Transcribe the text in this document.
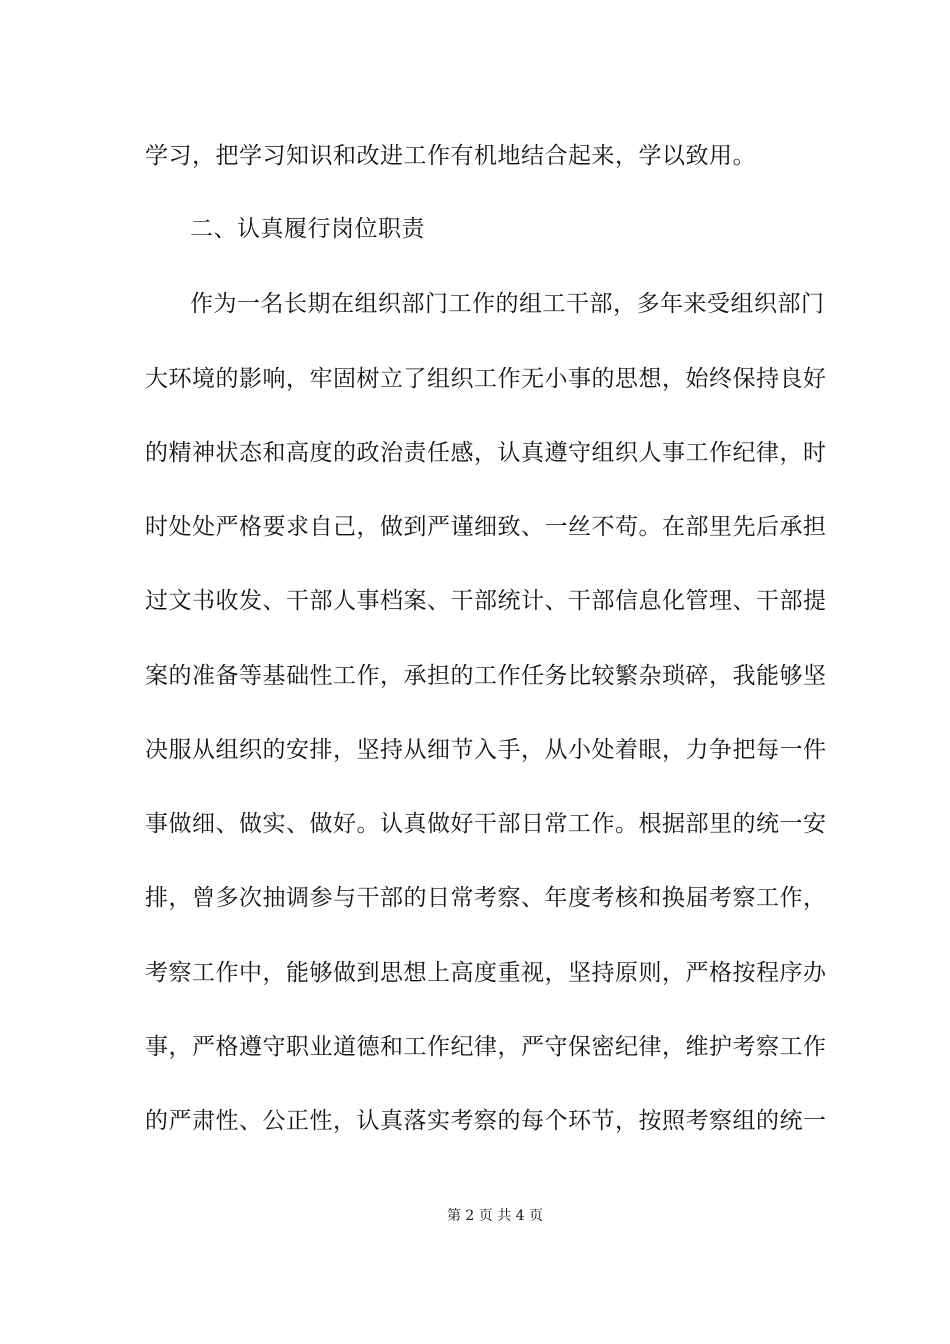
学习，把学习知识和改进工作有机地结合起来，学以致用。
二、认真履行岗位职责
作为一名长期在组织部门工作的组工干部，多年来受组织部门
大环境的影响，牢固树立了组织工作无小事的思想，始终保持良好
的精神状态和高度的政治责任感，认真遵守组织人事工作纪律，时
时处处严格要求自己，做到严谨细致、一丝不苟。在部里先后承担
过文书收发、干部人事档案、干部统计、干部信息化管理、干部提
案的准备等基础性工作，承担的工作任务比较繁杂琐碎，我能够坚
决服从组织的安排，坚持从细节入手，从小处着眼，力争把每一件
事做细、做实、做好。认真做好干部日常工作。根据部里的统一安
排，曾多次抽调参与干部的日常考察、年度考核和换届考察工作，
考察工作中，能够做到思想上高度重视，坚持原则，严格按程序办
事，严格遵守职业道德和工作纪律，严守保密纪律，维护考察工作
的严肃性、公正性，认真落实考察的每个环节，按照考察组的统一
第 2 页 共 4 页
